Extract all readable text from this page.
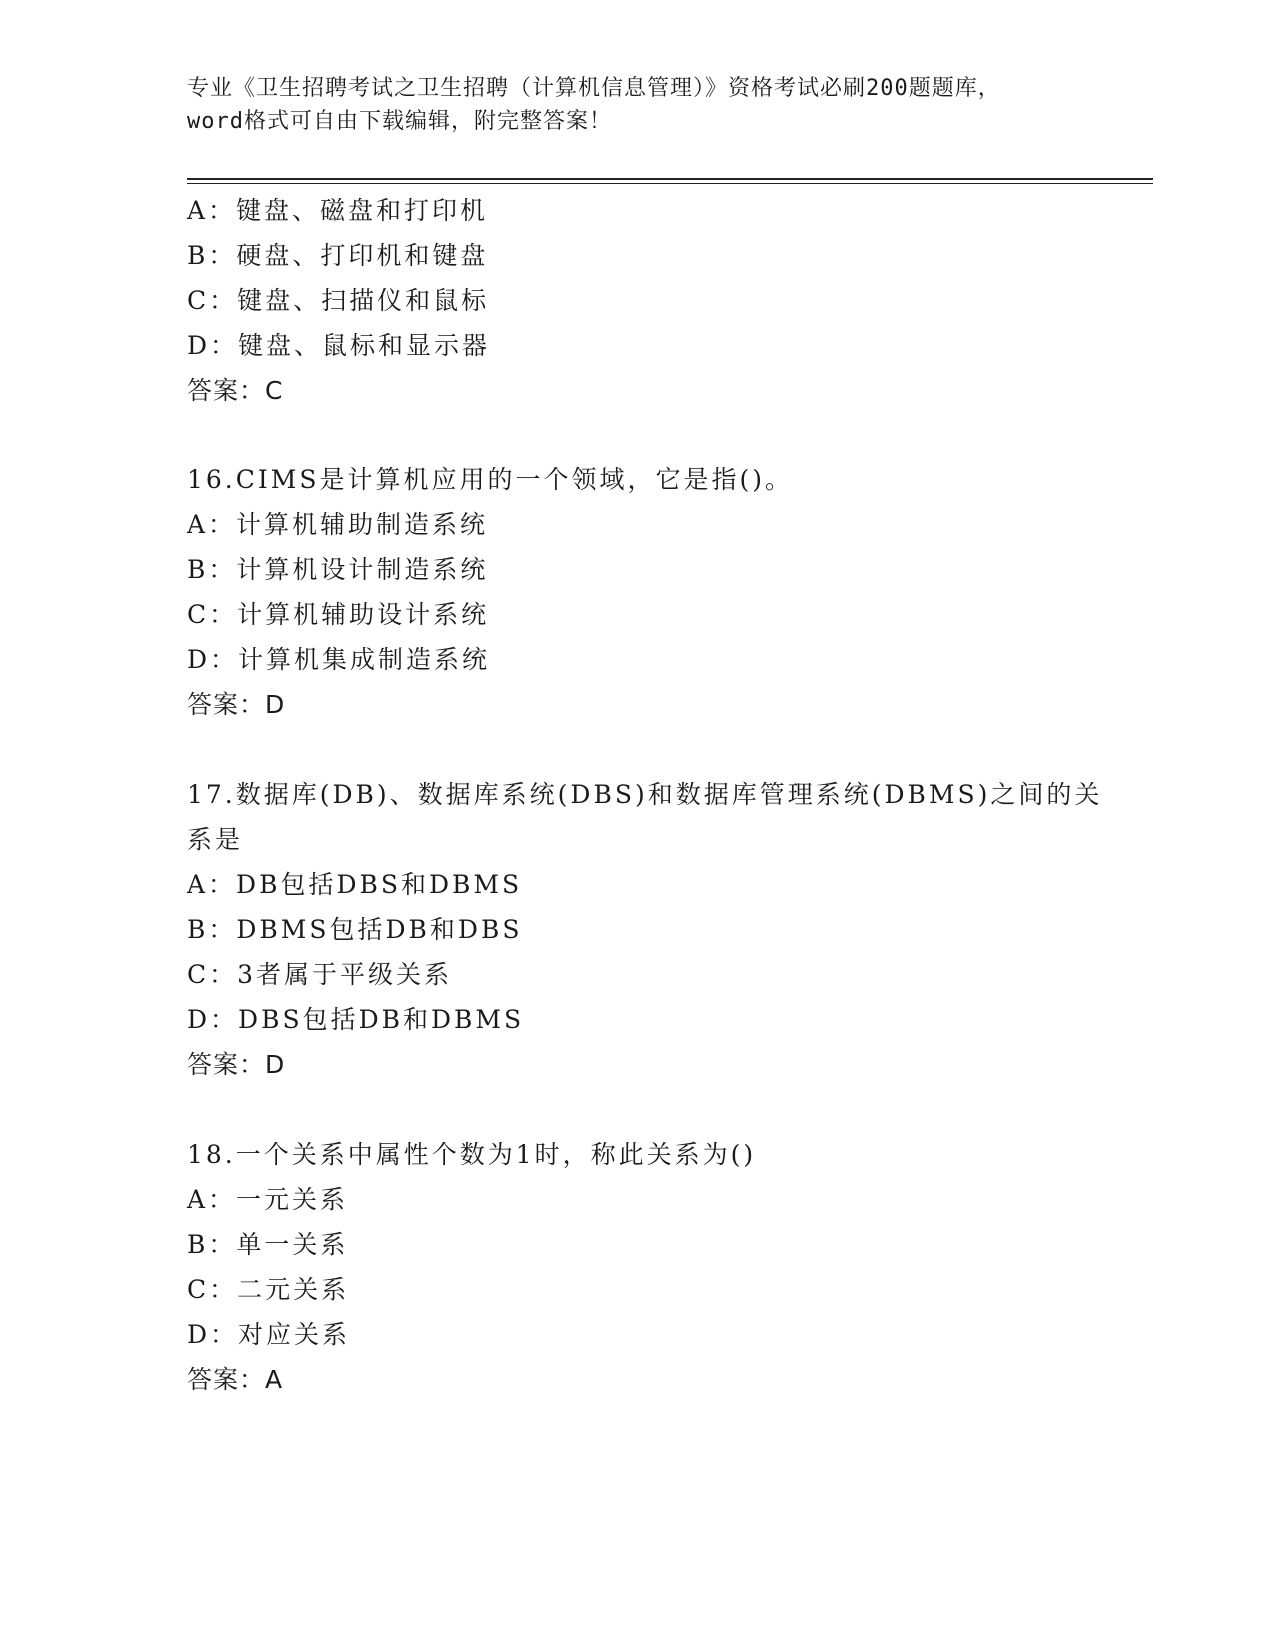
专业《卫生招聘考试之卫生招聘（计算机信息管理）》资格考试必刷200题题库，
word格式可自由下载编辑，附完整答案！
A：键盘、磁盘和打印机
B：硬盘、打印机和键盘
C：键盘、扫描仪和鼠标
D：键盘、鼠标和显示器
答案：C
16.CIMS是计算机应用的一个领域，它是指()。
A：计算机辅助制造系统
B：计算机设计制造系统
C：计算机辅助设计系统
D：计算机集成制造系统
答案：D
17.数据库(DB)、数据库系统(DBS)和数据库管理系统(DBMS)之间的关
系是
A：DB包括DBS和DBMS
B：DBMS包括DB和DBS
C：3者属于平级关系
D：DBS包括DB和DBMS
答案：D
18.一个关系中属性个数为1时，称此关系为()
A：一元关系
B：单一关系
C：二元关系
D：对应关系
答案：A
